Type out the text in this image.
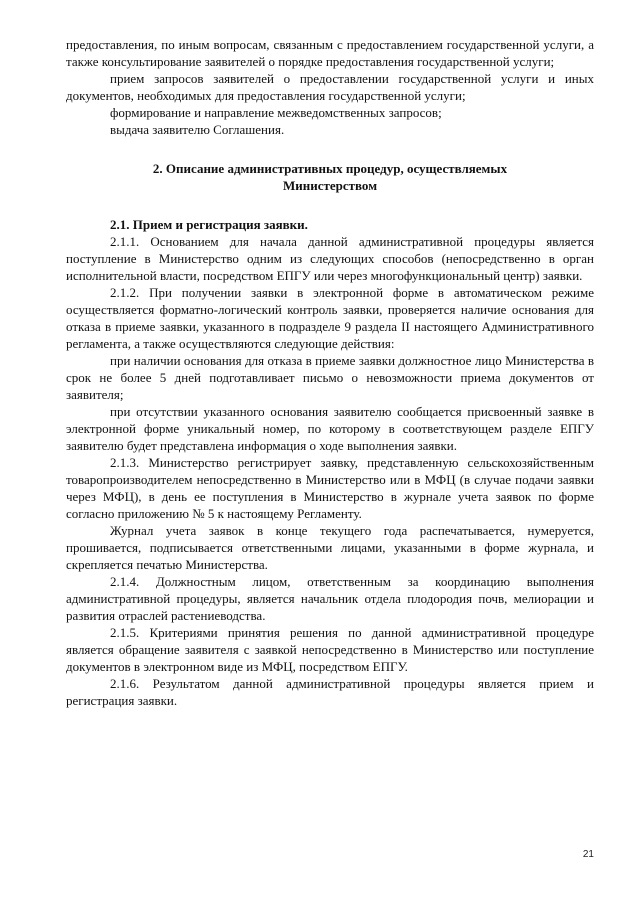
предоставления, по иным вопросам, связанным с предоставлением государственной услуги, а также консультирование заявителей о порядке предоставления государственной услуги;

прием запросов заявителей о предоставлении государственной услуги и иных документов, необходимых для предоставления государственной услуги;

формирование и направление межведомственных запросов;

выдача заявителю Соглашения.

2. Описание административных процедур, осуществляемых
Министерством

2.1. Прием и регистрация заявки.

2.1.1. Основанием для начала данной административной процедуры является поступление в Министерство одним из следующих способов (непосредственно в орган исполнительной власти, посредством ЕПГУ или через многофункциональный центр) заявки.

2.1.2. При получении заявки в электронной форме в автоматическом режиме осуществляется форматно-логический контроль заявки, проверяется наличие основания для отказа в приеме заявки, указанного в подразделе 9 раздела II настоящего Административного регламента, а также осуществляются следующие действия:

при наличии основания для отказа в приеме заявки должностное лицо Министерства в срок не более 5 дней подготавливает письмо о невозможности приема документов от заявителя;

при отсутствии указанного основания заявителю сообщается присвоенный заявке в электронной форме уникальный номер, по которому в соответствующем разделе ЕПГУ заявителю будет представлена информация о ходе выполнения заявки.

2.1.3. Министерство регистрирует заявку, представленную сельскохозяйственным товаропроизводителем непосредственно в Министерство или в МФЦ (в случае подачи заявки через МФЦ), в день ее поступления в Министерство в журнале учета заявок по форме согласно приложению № 5 к настоящему Регламенту.

Журнал учета заявок в конце текущего года распечатывается, нумеруется, прошивается, подписывается ответственными лицами, указанными в форме журнала, и скрепляется печатью Министерства.

2.1.4. Должностным лицом, ответственным за координацию выполнения административной процедуры, является начальник отдела плодородия почв, мелиорации и развития отраслей растениеводства.

2.1.5. Критериями принятия решения по данной административной процедуре является обращение заявителя с заявкой непосредственно в Министерство или поступление документов в электронном виде из МФЦ, посредством ЕПГУ.

2.1.6. Результатом данной административной процедуры является прием и регистрация заявки.

21
